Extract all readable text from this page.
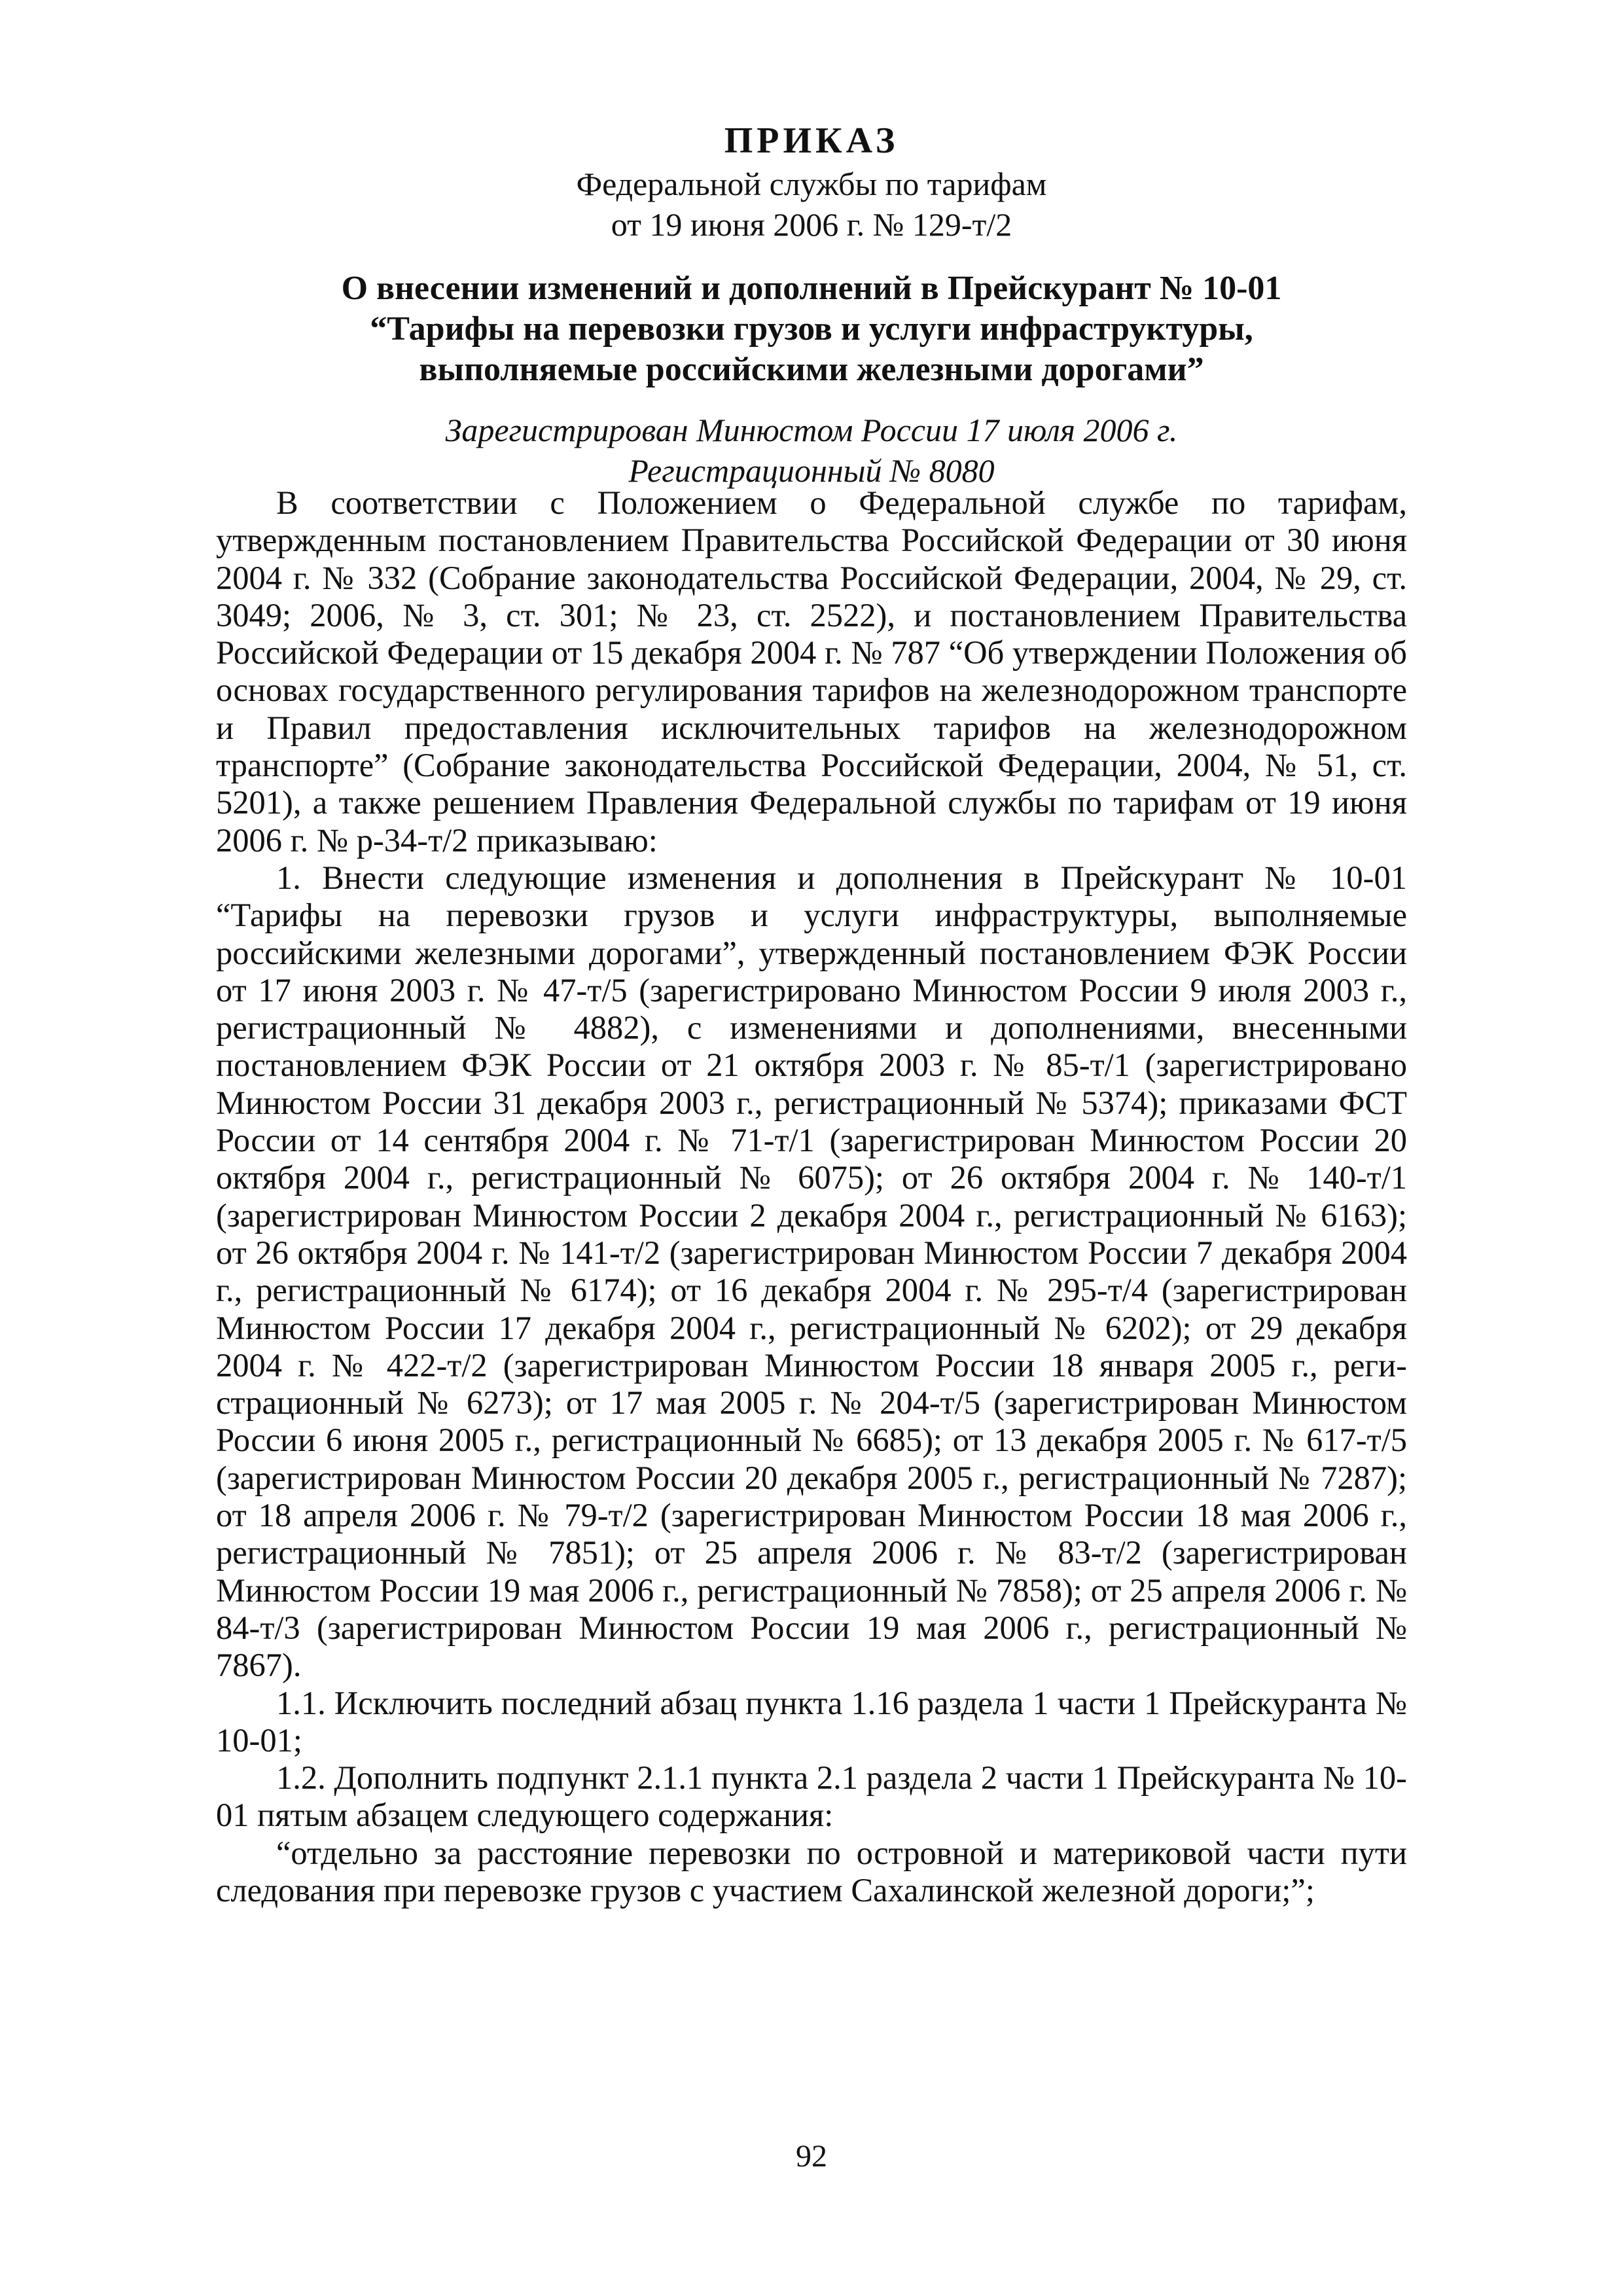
ПРИКАЗ
Федеральной службы по тарифам
от 19 июня 2006 г. № 129-т/2
О внесении изменений и дополнений в Прейскурант № 10-01
“Тарифы на перевозки грузов и услуги инфраструктуры,
выполняемые российскими железными дорогами”
Зарегистрирован Минюстом России 17 июля 2006 г.
Регистрационный № 8080

В соответствии с Положением о Федеральной службе по тарифам, утвержденным постановлением Правительства Российской Федерации от 30 июня 2004 г. № 332 (Собрание законодательства Российской Федерации, 2004, № 29, ст. 3049; 2006, № 3, ст. 301; № 23, ст. 2522), и постановлением Правительства Российской Федерации от 15 декабря 2004 г. № 787 “Об утверждении Положения об основах государственного регулирования тарифов на железнодорожном транспорте и Правил предоставления исключительных тарифов на железнодорожном транспорте” (Собрание законодательства Российской Федерации, 2004, № 51, ст. 5201), а также решением Правления Федеральной службы по тарифам от 19 июня 2006 г. № р-34-т/2 приказываю:

1. Внести следующие изменения и дополнения в Прейскурант № 10-01 “Тарифы на перевозки грузов и услуги инфраструктуры, выполняемые российскими железными дорогами”, утвержденный постановлением ФЭК России от 17 июня 2003 г. № 47-т/5 (зарегистрировано Минюстом России 9 июля 2003 г., регистрационный № 4882), с изменениями и дополнениями, внесенными постановлением ФЭК России от 21 октября 2003 г. № 85-т/1 (зарегистрировано Минюстом России 31 декабря 2003 г., регистрационный № 5374); приказами ФСТ России от 14 сентября 2004 г. № 71-т/1 (зарегистрирован Минюстом России 20 октября 2004 г., регистрационный № 6075); от 26 октября 2004 г. № 140-т/1 (зарегистрирован Минюстом России 2 декабря 2004 г., регистрационный № 6163); от 26 октября 2004 г. № 141-т/2 (зарегистрирован Минюстом России 7 декабря 2004 г., регистрационный № 6174); от 16 декабря 2004 г. № 295-т/4 (зарегистрирован Минюстом России 17 декабря 2004 г., регистрационный № 6202); от 29 декабря 2004 г. № 422-т/2 (зарегистрирован Минюстом России 18 января 2005 г., регистрационный № 6273); от 17 мая 2005 г. № 204-т/5 (зарегистрирован Минюстом России 6 июня 2005 г., регистрационный № 6685); от 13 декабря 2005 г. № 617-т/5 (зарегистрирован Минюстом России 20 декабря 2005 г., регистрационный № 7287); от 18 апреля 2006 г. № 79-т/2 (зарегистрирован Минюстом России 18 мая 2006 г., регистрационный № 7851); от 25 апреля 2006 г. № 83-т/2 (зарегистрирован Минюстом России 19 мая 2006 г., регистрационный № 7858); от 25 апреля 2006 г. № 84-т/3 (зарегистрирован Минюстом России 19 мая 2006 г., регистрационный № 7867).

1.1. Исключить последний абзац пункта 1.16 раздела 1 части 1 Прейскуранта № 10-01;

1.2. Дополнить подпункт 2.1.1 пункта 2.1 раздела 2 части 1 Прейскуранта № 10-01 пятым абзацем следующего содержания:

“отдельно за расстояние перевозки по островной и материковой части пути следования при перевозке грузов с участием Сахалинской железной дороги;”;

92
